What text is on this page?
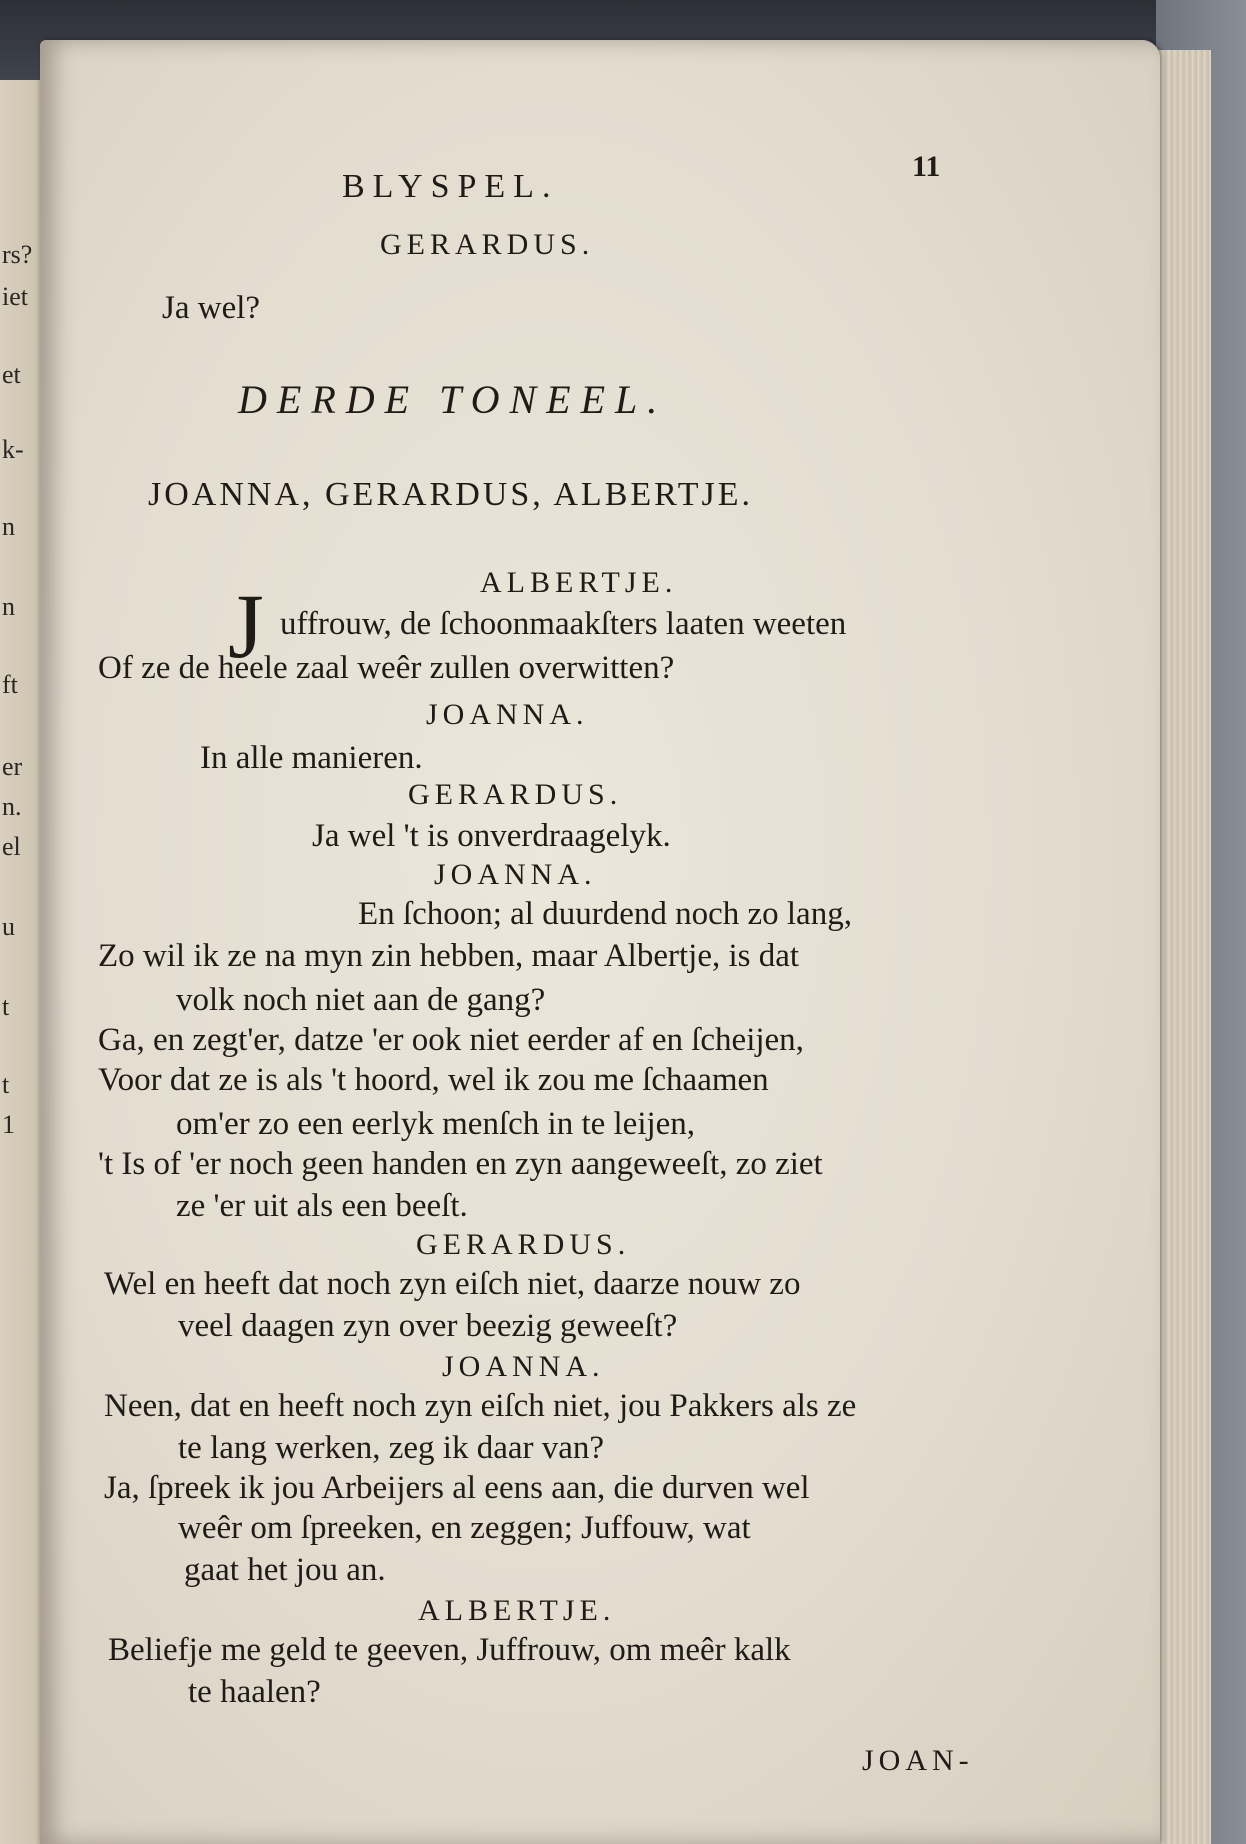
rs?
iet
et
k-
n
n
ft
er
n.
el
u
t
t
1
BLYSPEL.
11
GERARDUS.
Ja wel?
DERDE TONEEL.
JOANNA, GERARDUS, ALBERTJE.
ALBERTJE.
J uffrouw, de ſchoonmaakſters laaten weeten
Of ze de heele zaal weêr zullen overwitten?
JOANNA.
In alle manieren.
GERARDUS.
Ja wel 't is onverdraagelyk.
JOANNA.
En ſchoon; al duurdend noch zo lang,
Zo wil ik ze na myn zin hebben, maar Albertje, is dat
volk noch niet aan de gang?
Ga, en zegt'er, datze 'er ook niet eerder af en ſcheijen,
Voor dat ze is als 't hoord, wel ik zou me ſchaamen
om'er zo een eerlyk menſch in te leijen,
't Is of 'er noch geen handen en zyn aangeweeſt, zo ziet
ze 'er uit als een beeſt.
GERARDUS.
Wel en heeft dat noch zyn eiſch niet, daarze nouw zo
veel daagen zyn over beezig geweeſt?
JOANNA.
Neen, dat en heeft noch zyn eiſch niet, jou Pakkers als ze
te lang werken, zeg ik daar van?
Ja, ſpreek ik jou Arbeijers al eens aan, die durven wel
weêr om ſpreeken, en zeggen; Juffouw, wat
gaat het jou an.
ALBERTJE.
Beliefje me geld te geeven, Juffrouw, om meêr kalk
te haalen?
JOAN-
